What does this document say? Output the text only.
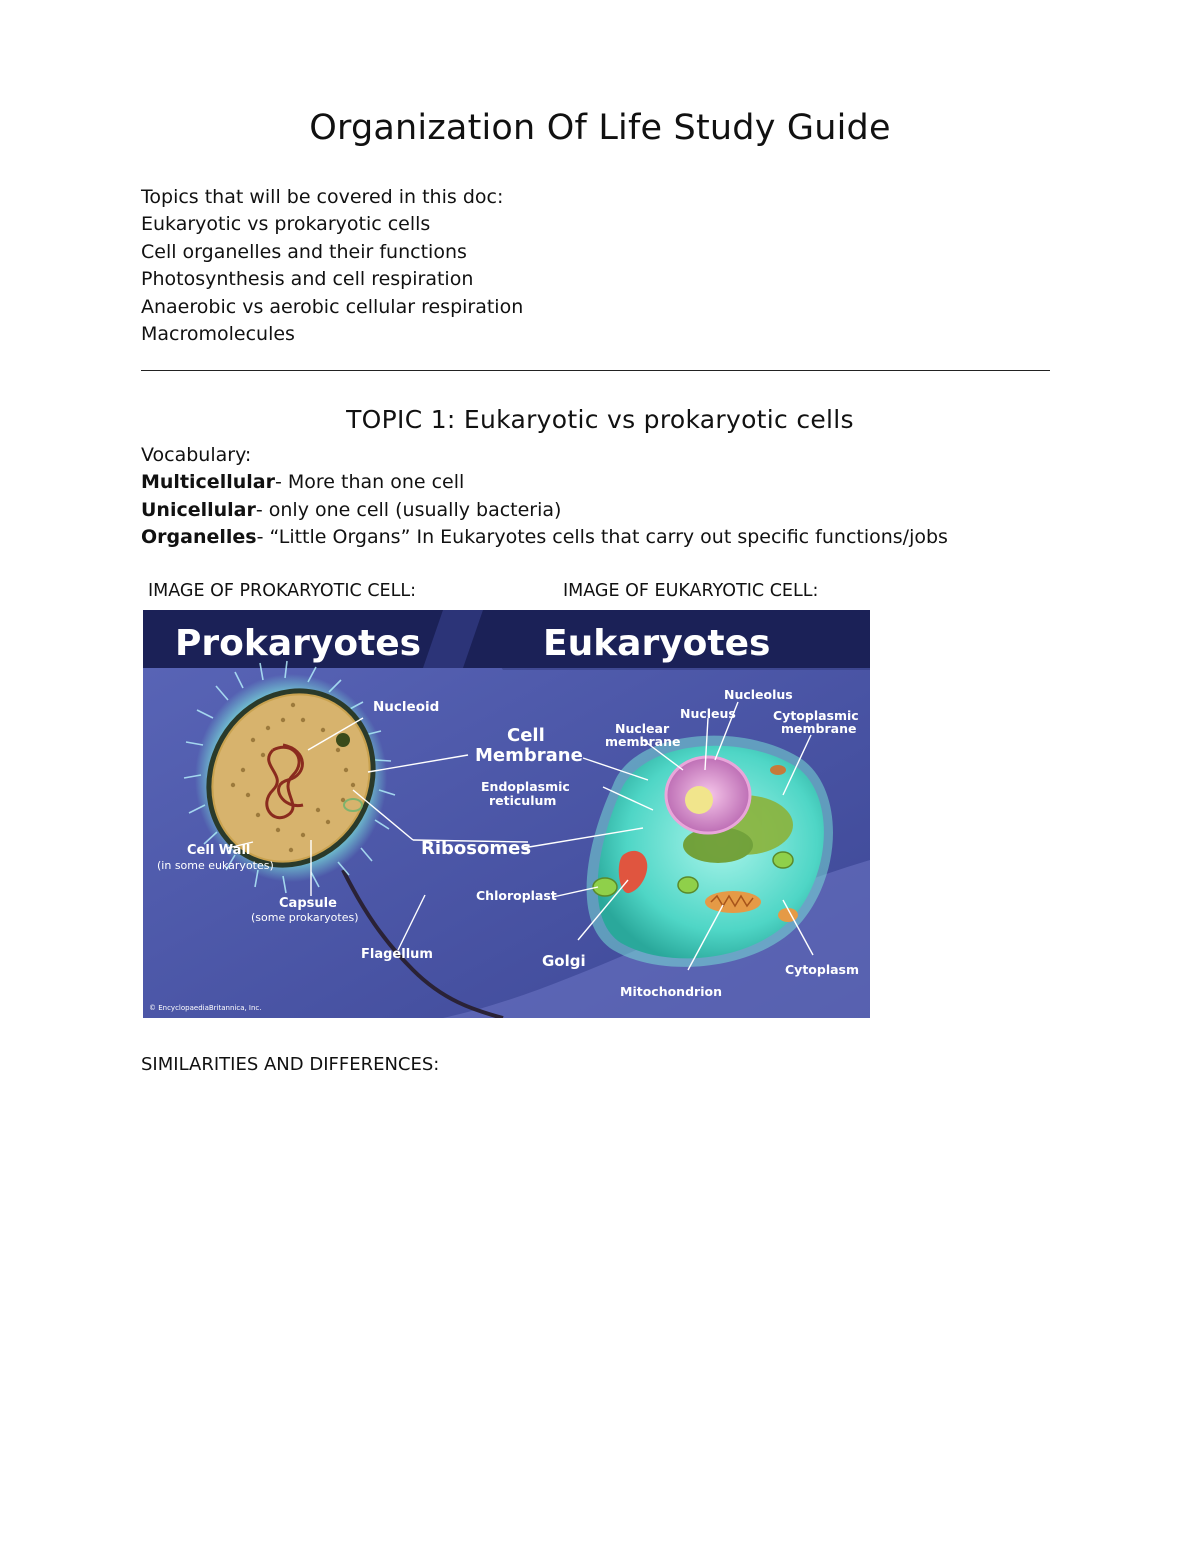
Organization Of Life Study Guide
Topics that will be covered in this doc:
Eukaryotic vs prokaryotic cells
Cell organelles and their functions
Photosynthesis and cell respiration
Anaerobic vs aerobic cellular respiration
Macromolecules
TOPIC 1: Eukaryotic vs prokaryotic cells
Vocabulary:
Multicellular- More than one cell
Unicellular- only one cell (usually bacteria)
Organelles- “Little Organs” In Eukaryotes cells that carry out specific functions/jobs
IMAGE OF PROKARYOTIC CELL:	IMAGE OF EUKARYOTIC CELL:
Prokaryotes	Eukaryotes
Nucleoid
Cell
Membrane
Ribosomes
Cell Wall
(in some eukaryotes)
Capsule
(some prokaryotes)
Flagellum
Nucleolus
Nucleus
Nuclear
membrane
Cytoplasmic
membrane
Endoplasmic
reticulum
Chloroplast
Golgi
Mitochondrion
Cytoplasm
© EncyclopaediaBritannica, Inc.
SIMILARITIES AND DIFFERENCES:
